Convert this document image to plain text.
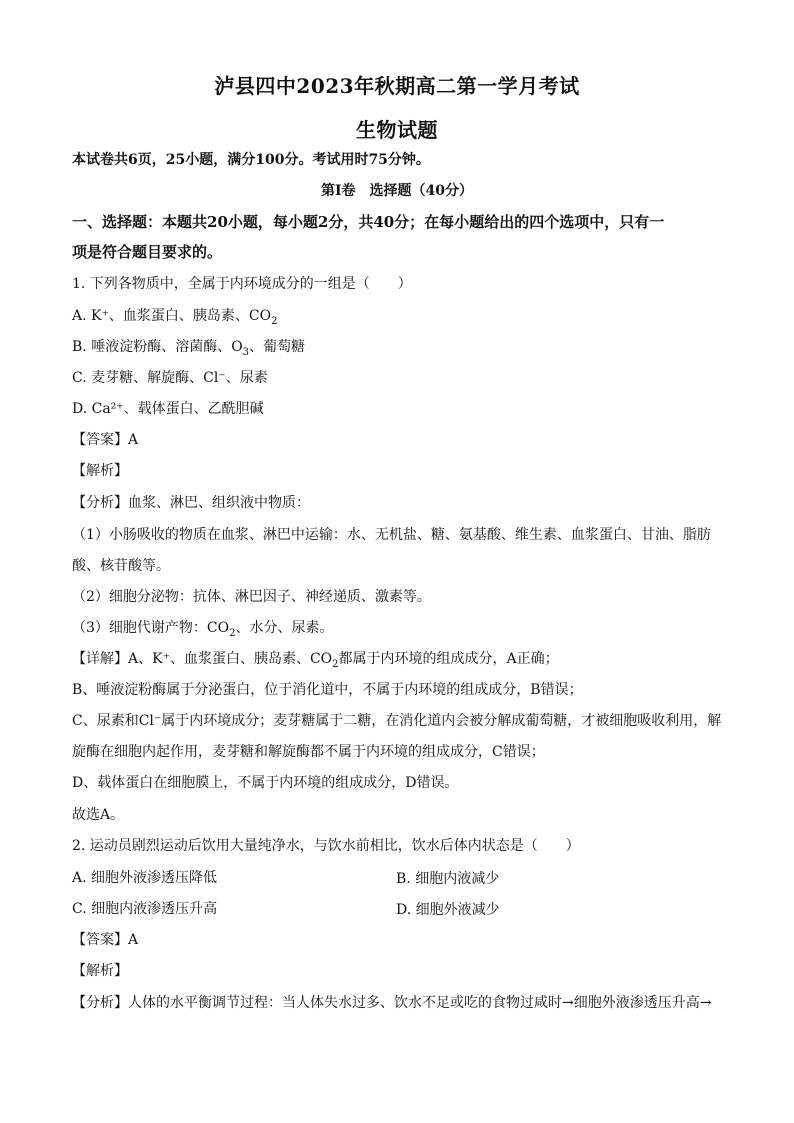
泸县四中2023年秋期高二第一学月考试
生物试题
本试卷共6页，25小题，满分100分。考试用时75分钟。
第Ⅰ卷　选择题（40分）
一、选择题：本题共20小题，每小题2分，共40分；在每小题给出的四个选项中，只有一
项是符合题目要求的。
1. 下列各物质中，全属于内环境成分的一组是（　　）
A. K⁺、血浆蛋白、胰岛素、$CO_2$
B. 唾液淀粉酶、溶菌酶、$O_3$、葡萄糖
C. 麦芽糖、解旋酶、Cl⁻、尿素
D. Ca²⁺、载体蛋白、乙酰胆碱
【答案】A
【解析】
【分析】血浆、淋巴、组织液中物质：
（1）小肠吸收的物质在血浆、淋巴中运输：水、无机盐、糖、氨基酸、维生素、血浆蛋白、甘油、脂肪
酸、核苷酸等。
（2）细胞分泌物：抗体、淋巴因子、神经递质、激素等。
（3）细胞代谢产物：$CO_2$、水分、尿素。
【详解】A、K⁺、血浆蛋白、胰岛素、$CO_2$都属于内环境的组成成分，A正确；
B、唾液淀粉酶属于分泌蛋白，位于消化道中，不属于内环境的组成成分，B错误；
C、尿素和Cl⁻属于内环境成分；麦芽糖属于二糖，在消化道内会被分解成葡萄糖，才被细胞吸收利用，解
旋酶在细胞内起作用，麦芽糖和解旋酶都不属于内环境的组成成分，C错误；
D、载体蛋白在细胞膜上，不属于内环境的组成成分，D错误。
故选A。
2. 运动员剧烈运动后饮用大量纯净水，与饮水前相比，饮水后体内状态是（　　）
A. 细胞外液渗透压降低	B. 细胞内液减少
C. 细胞内液渗透压升高	D. 细胞外液减少
【答案】A
【解析】
【分析】人体的水平衡调节过程：当人体失水过多、饮水不足或吃的食物过咸时→细胞外液渗透压升高→
